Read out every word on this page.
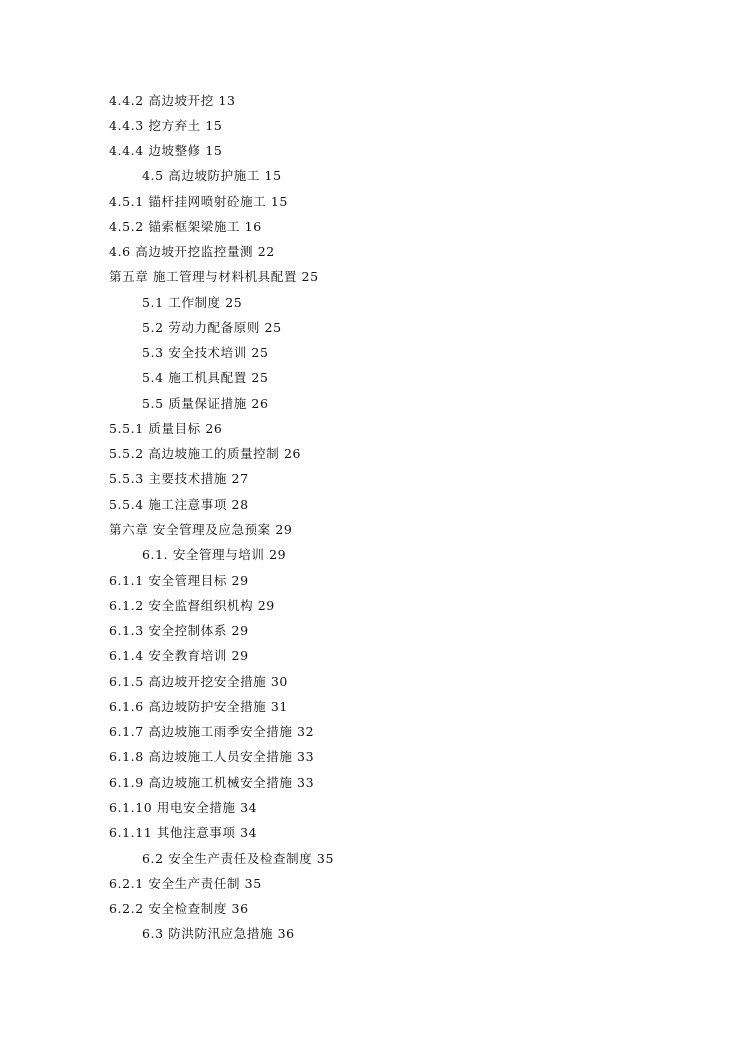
4.4.2 高边坡开挖 13
4.4.3 挖方弃土 15
4.4.4 边坡整修 15
4.5 高边坡防护施工 15
4.5.1 锚杆挂网喷射砼施工 15
4.5.2 锚索框架梁施工 16
4.6 高边坡开挖监控量测 22
第五章 施工管理与材料机具配置 25
5.1 工作制度 25
5.2 劳动力配备原则 25
5.3 安全技术培训 25
5.4 施工机具配置 25
5.5 质量保证措施 26
5.5.1 质量目标 26
5.5.2 高边坡施工的质量控制 26
5.5.3 主要技术措施 27
5.5.4 施工注意事项 28
第六章 安全管理及应急预案 29
6.1. 安全管理与培训 29
6.1.1 安全管理目标 29
6.1.2 安全监督组织机构 29
6.1.3 安全控制体系 29
6.1.4 安全教育培训 29
6.1.5 高边坡开挖安全措施 30
6.1.6 高边坡防护安全措施 31
6.1.7 高边坡施工雨季安全措施 32
6.1.8 高边坡施工人员安全措施 33
6.1.9 高边坡施工机械安全措施 33
6.1.10 用电安全措施 34
6.1.11 其他注意事项 34
6.2 安全生产责任及检查制度 35
6.2.1 安全生产责任制 35
6.2.2 安全检查制度 36
6.3 防洪防汛应急措施 36
